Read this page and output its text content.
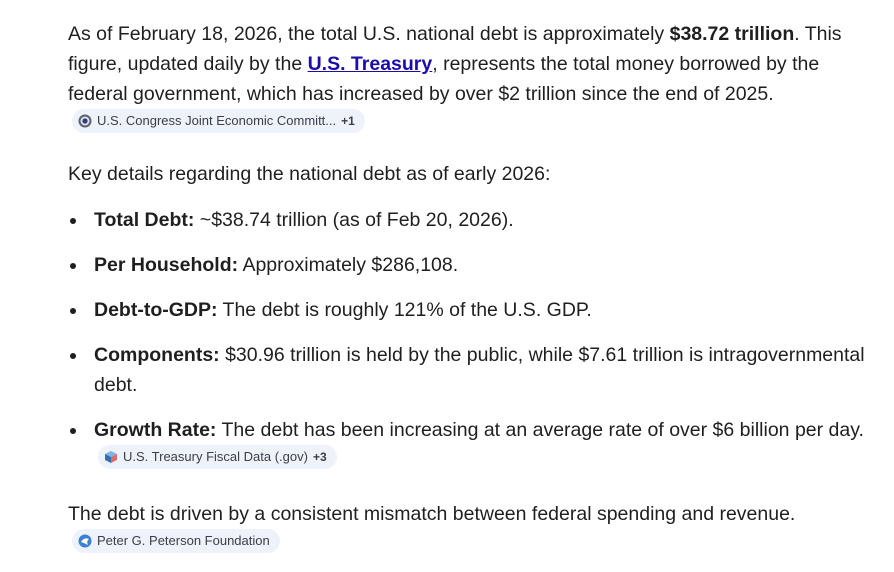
As of February 18, 2026, the total U.S. national debt is approximately $38.72 trillion. This figure, updated daily by the U.S. Treasury, represents the total money borrowed by the federal government, which has increased by over $2 trillion since the end of 2025.
U.S. Congress Joint Economic Committ... +1

Key details regarding the national debt as of early 2026:

Total Debt: ~$38.74 trillion (as of Feb 20, 2026).
Per Household: Approximately $286,108.
Debt-to-GDP: The debt is roughly 121% of the U.S. GDP.
Components: $30.96 trillion is held by the public, while $7.61 trillion is intragovernmental debt.
Growth Rate: The debt has been increasing at an average rate of over $6 billion per day.
U.S. Treasury Fiscal Data (.gov) +3

The debt is driven by a consistent mismatch between federal spending and revenue.
Peter G. Peterson Foundation
